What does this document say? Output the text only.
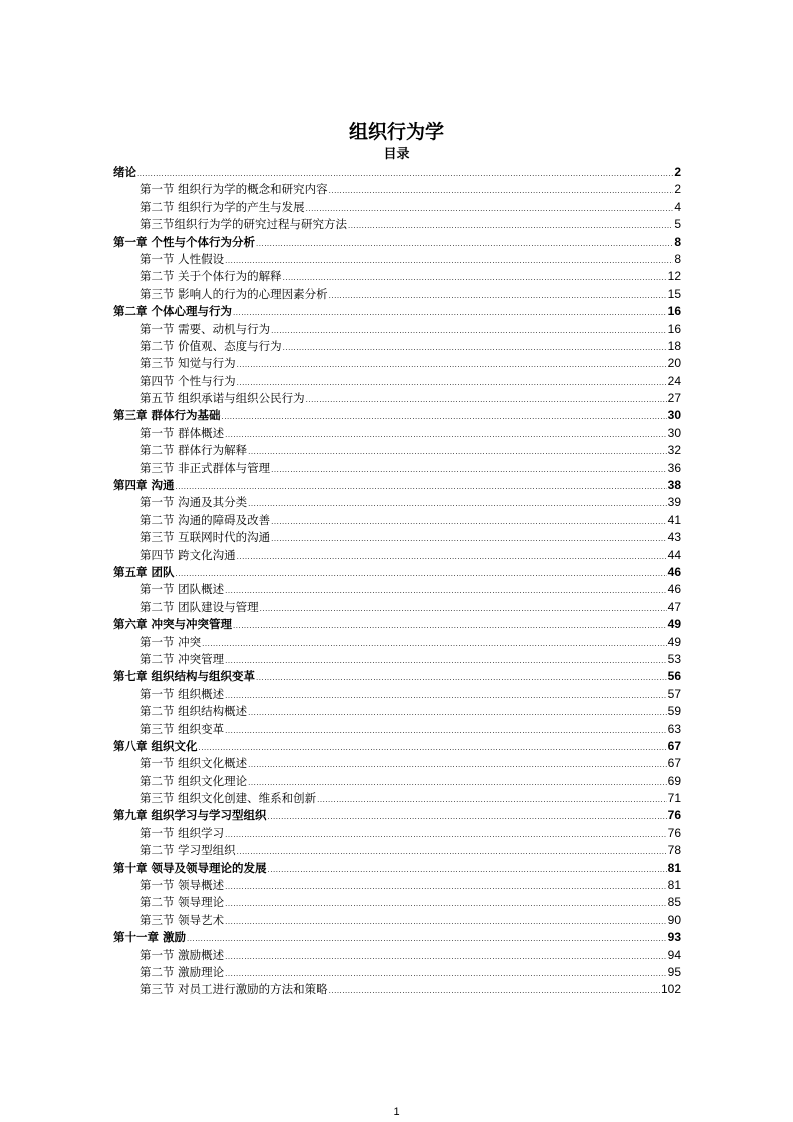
组织行为学
目录
绪论 .....	2
第一节 组织行为学的概念和研究内容 .....	2
第二节 组织行为学的产生与发展 .....	4
第三节组织行为学的研究过程与研究方法 .....	5
第一章 个性与个体行为分析 .....	8
第一节 人性假设 .....	8
第二节 关于个体行为的解释 .....	12
第三节 影响人的行为的心理因素分析 .....	15
第二章 个体心理与行为 .....	16
第一节 需要、动机与行为 .....	16
第二节 价值观、态度与行为 .....	18
第三节 知觉与行为 .....	20
第四节 个性与行为 .....	24
第五节 组织承诺与组织公民行为 .....	27
第三章 群体行为基础 .....	30
第一节 群体概述 .....	30
第二节 群体行为解释 .....	32
第三节 非正式群体与管理 .....	36
第四章 沟通 .....	38
第一节 沟通及其分类 .....	39
第二节 沟通的障碍及改善 .....	41
第三节 互联网时代的沟通 .....	43
第四节 跨文化沟通 .....	44
第五章 团队 .....	46
第一节 团队概述 .....	46
第二节 团队建设与管理 .....	47
第六章 冲突与冲突管理 .....	49
第一节 冲突 .....	49
第二节 冲突管理 .....	53
第七章 组织结构与组织变革 .....	56
第一节 组织概述 .....	57
第二节 组织结构概述 .....	59
第三节 组织变革 .....	63
第八章 组织文化 .....	67
第一节 组织文化概述 .....	67
第二节 组织文化理论 .....	69
第三节 组织文化创建、维系和创新 .....	71
第九章 组织学习与学习型组织 .....	76
第一节 组织学习 .....	76
第二节 学习型组织 .....	78
第十章 领导及领导理论的发展 .....	81
第一节 领导概述 .....	81
第二节 领导理论 .....	85
第三节 领导艺术 .....	90
第十一章 激励 .....	93
第一节 激励概述 .....	94
第二节 激励理论 .....	95
第三节 对员工进行激励的方法和策略 .....	102
1
